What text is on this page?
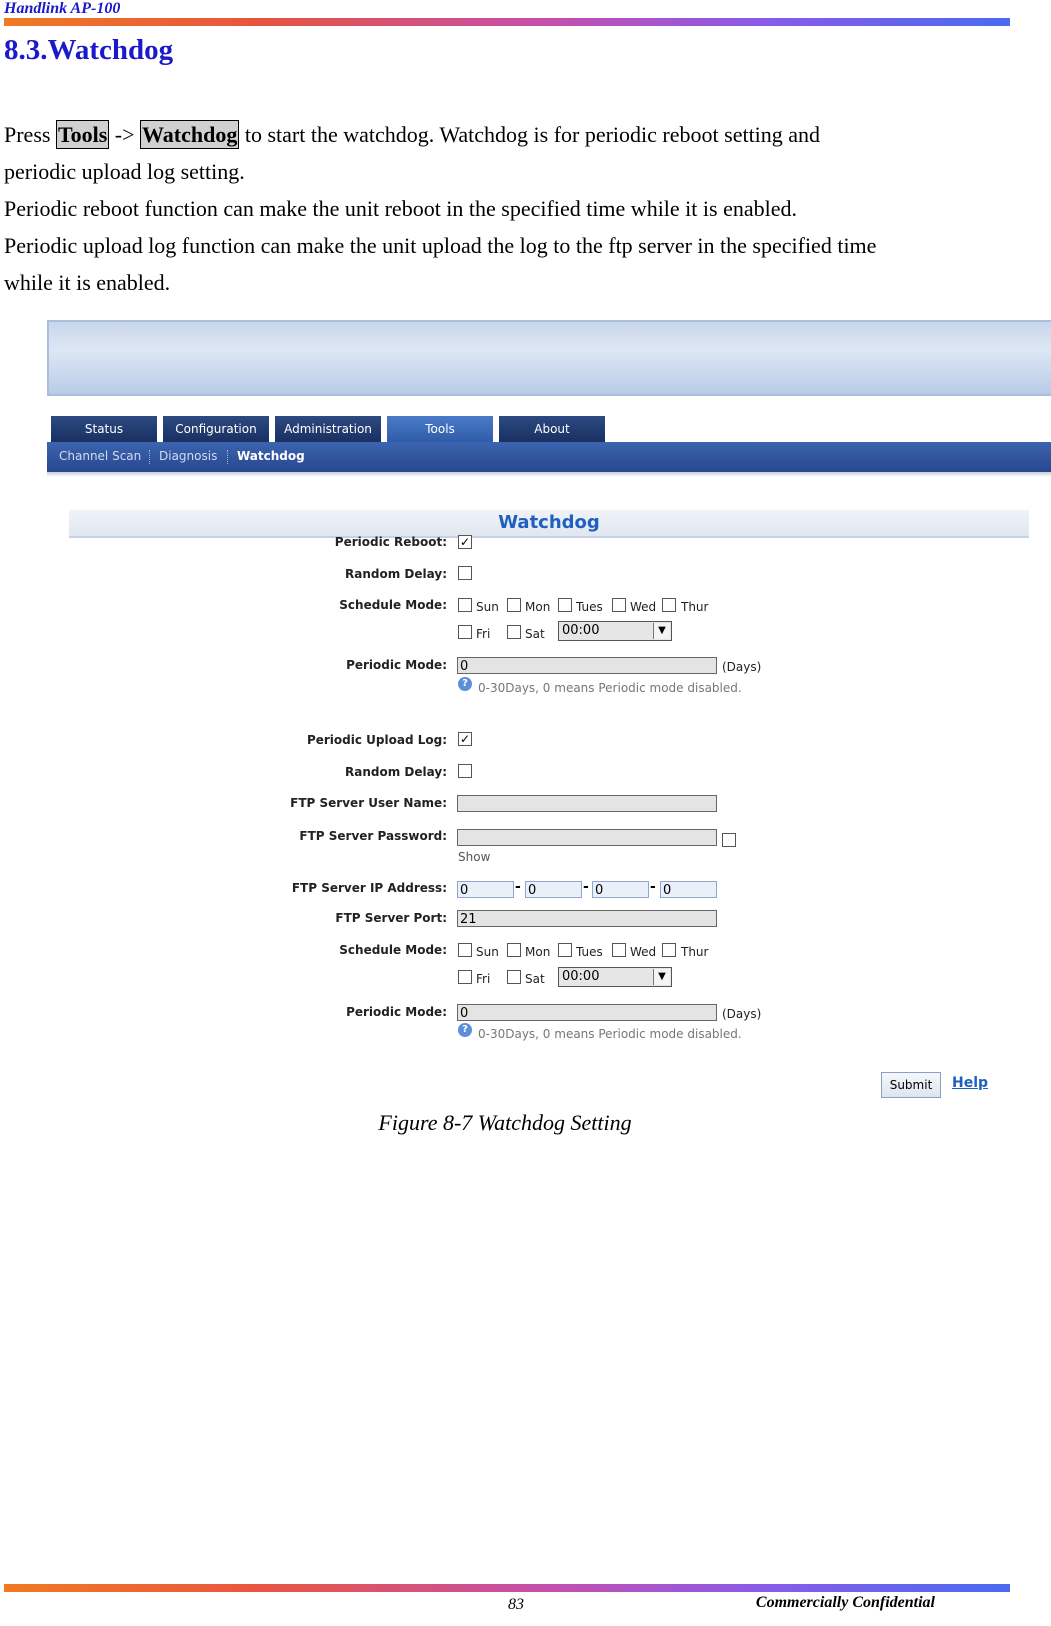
Handlink AP-100
8.3.Watchdog
Press Tools -> Watchdog to start the watchdog. Watchdog is for periodic reboot setting and
periodic upload log setting.
Periodic reboot function can make the unit reboot in the specified time while it is enabled.
Periodic upload log function can make the unit upload the log to the ftp server in the specified time
while it is enabled.
Status	Configuration	Administration	Tools	About
Channel Scan Diagnosis Watchdog
Watchdog
Periodic Reboot: ✓
Random Delay:
Schedule Mode: Sun Mon Tues Wed Thur
Fri	Sat	00:00	▼
Periodic Mode: 0	(Days)
? 0-30Days, 0 means Periodic mode disabled.
Periodic Upload Log: ✓
Random Delay:
FTP Server User Name:
FTP Server Password:
Show
FTP Server IP Address: 0	- 0	- 0	- 0
FTP Server Port: 21
Schedule Mode: Sun Mon Tues Wed Thur
Fri	Sat	00:00	▼
Periodic Mode: 0	(Days)
? 0-30Days, 0 means Periodic mode disabled.
Submit	Help
Figure 8-7 Watchdog Setting
83	Commercially Confidential
